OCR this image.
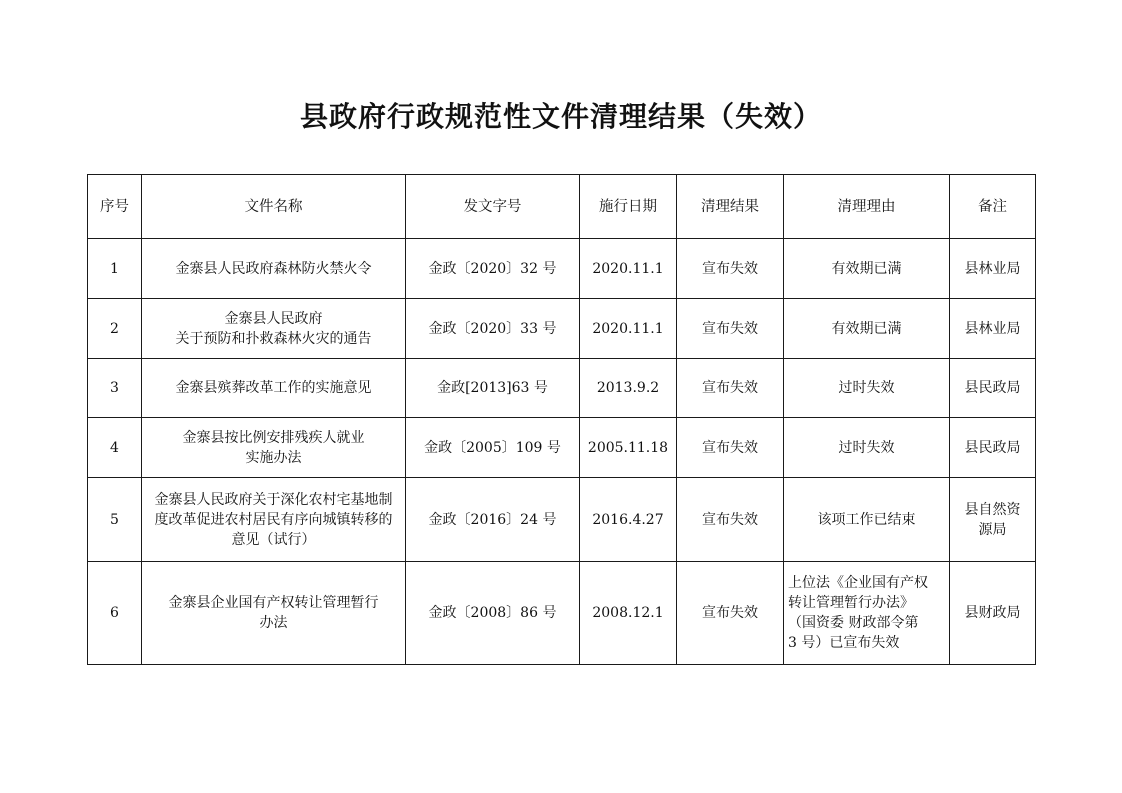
县政府行政规范性文件清理结果（失效）
序号	文件名称	发文字号	施行日期	清理结果	清理理由	备注
1	金寨县人民政府森林防火禁火令	金政〔2020〕32 号	2020.11.1	宣布失效	有效期已满	县林业局

2	金寨县人民政府
关于预防和扑救森林火灾的通告	金政〔2020〕33 号	2020.11.1	宣布失效	有效期已满	县林业局

3	金寨县殡葬改革工作的实施意见	金政[2013]63 号	2013.9.2	宣布失效	过时失效	县民政局

4	金寨县按比例安排残疾人就业
实施办法	金政〔2005〕109 号	2005.11.18	宣布失效	过时失效	县民政局

5	金寨县人民政府关于深化农村宅基地制
度改革促进农村居民有序向城镇转移的
意见（试行）	金政〔2016〕24 号	2016.4.27	宣布失效	该项工作已结束	县自然资
源局

6	金寨县企业国有产权转让管理暂行
办法	金政〔2008〕86 号	2008.12.1	宣布失效	上位法《企业国有产权
转让管理暂行办法》
（国资委 财政部令第
3 号）已宣布失效	县财政局
